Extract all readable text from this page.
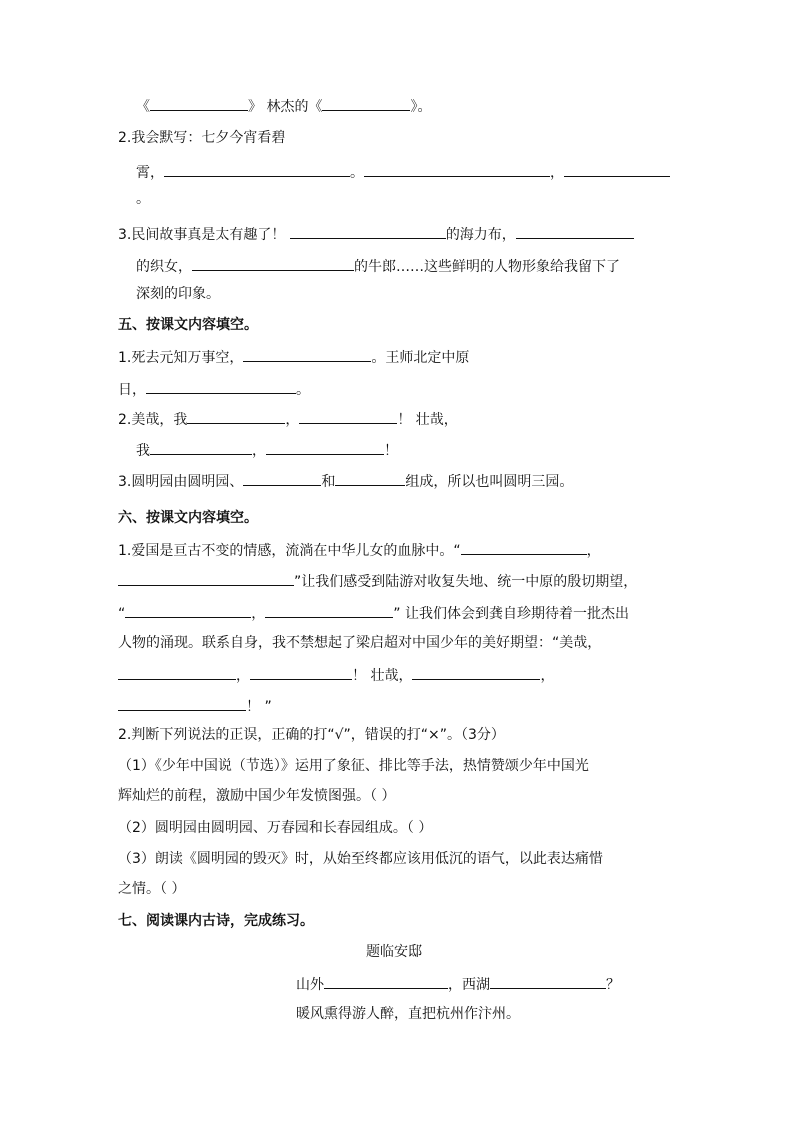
《	》 林杰的《	》。
2.我会默写：七夕今宵看碧
霄，	。	，
。
3.民间故事真是太有趣了！	的海力布，
的织女，	的牛郎……这些鲜明的人物形象给我留下了
深刻的印象。
五、按课文内容填空。
1.死去元知万事空，	。王师北定中原
日，	。
2.美哉，我	，	！ 壮哉，
我	，	！
3.圆明园由圆明园、	和	组成，所以也叫圆明三园。
六、按课文内容填空。
1.爱国是亘古不变的情感，流淌在中华儿女的血脉中。“	，
”让我们感受到陆游对收复失地、统一中原的殷切期望，
“	，	” 让我们体会到龚自珍期待着一批杰出
人物的涌现。联系自身，我不禁想起了梁启超对中国少年的美好期望：“美哉，
，	！ 壮哉，	，
！ ”
2.判断下列说法的正误，正确的打“√”，错误的打“×”。（3分）
（1）《少年中国说（节选）》运用了象征、排比等手法，热情赞颂少年中国光
辉灿烂的前程，激励中国少年发愤图强。（ ）
（2）圆明园由圆明园、万春园和长春园组成。（ ）
（3）朗读《圆明园的毁灭》时，从始至终都应该用低沉的语气，以此表达痛惜
之情。（ ）
七、阅读课内古诗，完成练习。
题临安邸
山外	，西湖	？
暖风熏得游人醉，直把杭州作汴州。
